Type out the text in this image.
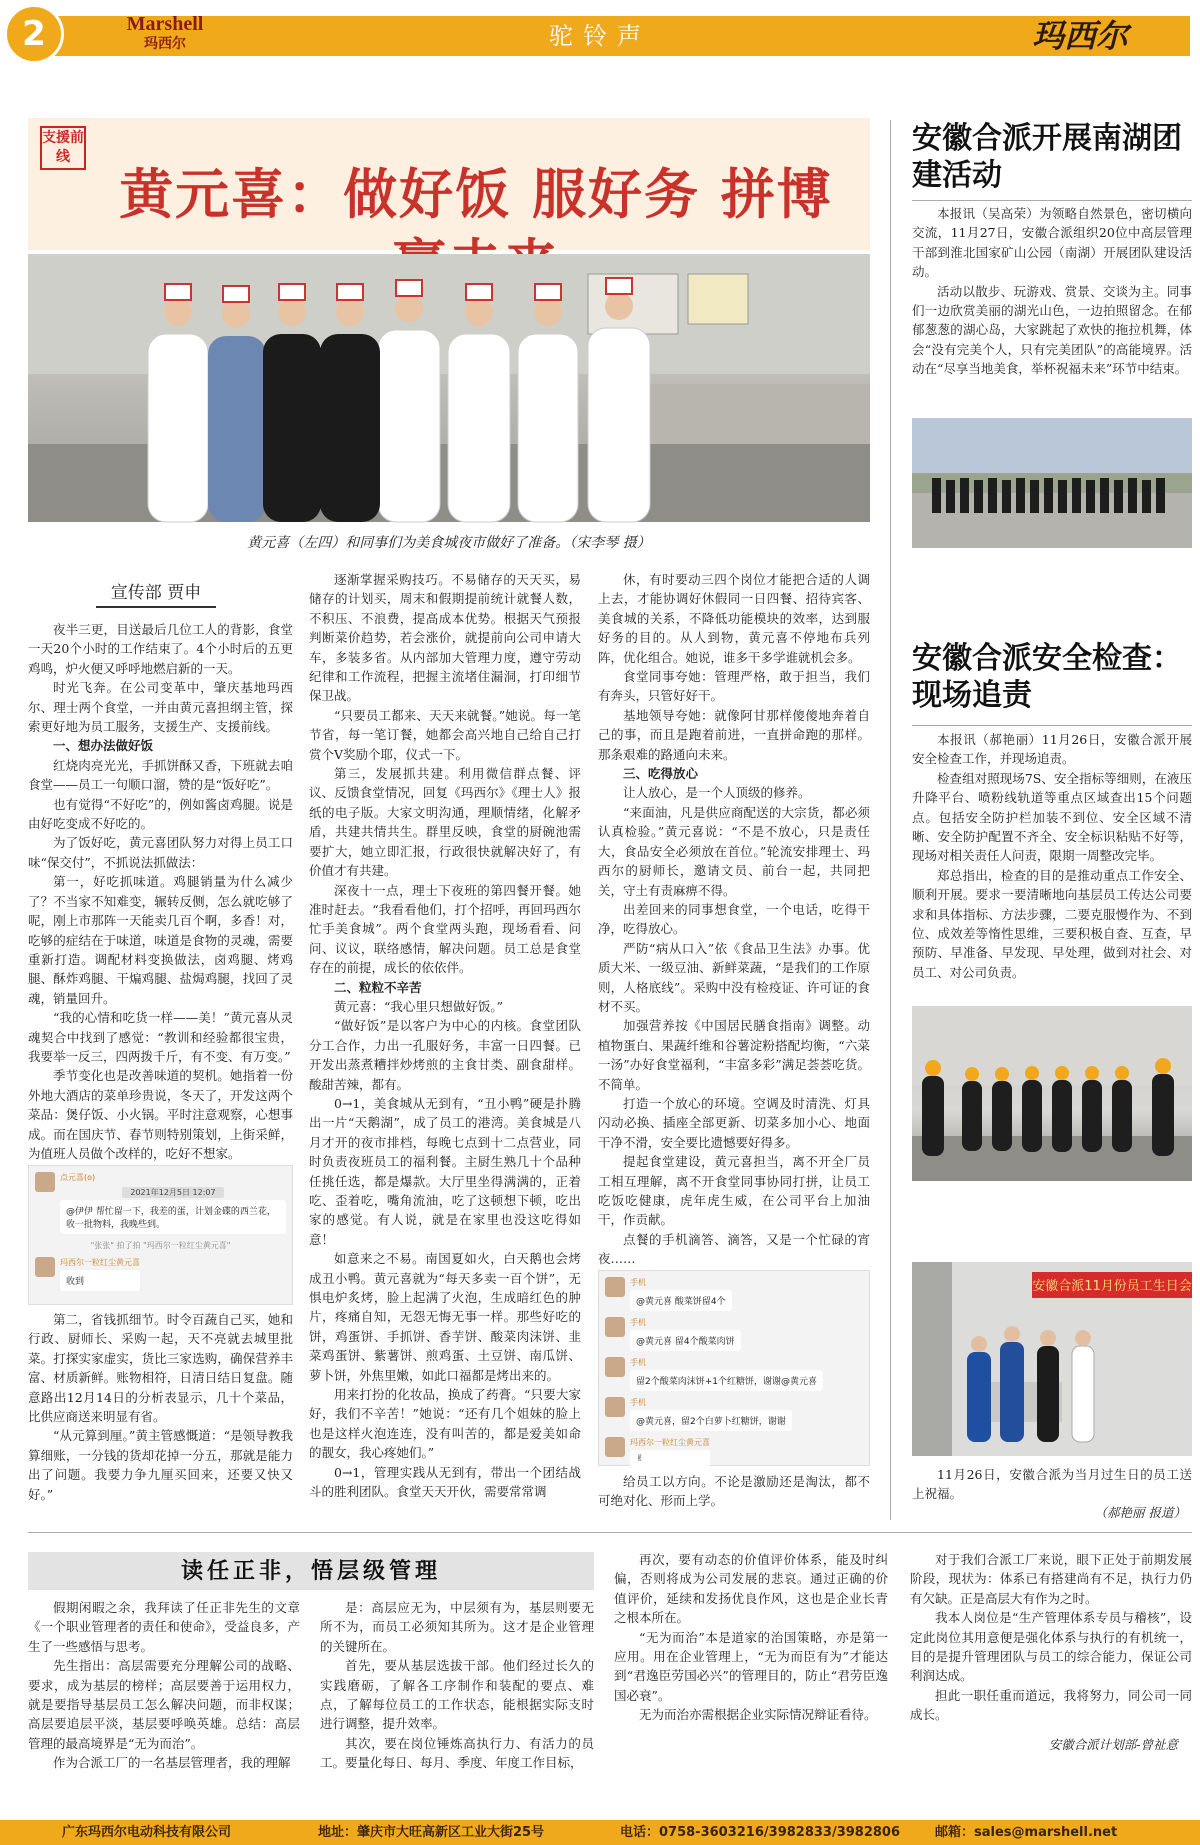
2	Marshell
玛西尔	驼铃声	玛西尔
支援前线
黄元喜：做好饭 服好务 拼博
黄元喜（左四）和同事们为美食城夜市做好了准备。（宋李琴 摄）
宣传部 贾申

夜半三更，目送最后几位工人的背影，食堂一天20个小时的工作结束了。4个小时后的五更鸡鸣，炉火便又呼呼地燃启新的一天。

时光飞奔。在公司变革中，肇庆基地玛西尔、理士两个食堂，一并由黄元喜担纲主管，探索更好地为员工服务，支援生产、支援前线。

一、想办法做好饭

红烧肉亮光光，手抓饼酥又香，下班就去咱食堂——员工一句顺口溜，赞的是“饭好吃”。

也有觉得“不好吃”的，例如酱卤鸡腿。说是由好吃变成不好吃的。

为了饭好吃，黄元喜团队努力对得上员工口味“保交付”，不抓说法抓做法：

第一，好吃抓味道。鸡腿销量为什么减少了？不当家不知难变，辗转反侧，怎么就吃够了呢，刚上市那阵一天能卖几百个啊，多香！对，吃够的症结在于味道，味道是食物的灵魂，需要重新打造。调配材料变换做法，卤鸡腿、烤鸡腿、酥炸鸡腿、干煸鸡腿、盐焗鸡腿，找回了灵魂，销量回升。

“我的心情和吃货一样——美！”黄元喜从灵魂契合中找到了感觉：“教训和经验都很宝贵，我要举一反三，四两拨千斤，有不变、有万变。”

季节变化也是改善味道的契机。她指着一份外地大酒店的菜单珍贵说，冬天了，开发这两个菜品：煲仔饭、小火锅。平时注意观察，心想事成。而在国庆节、春节则特别策划，上街采鲜，为值班人员做个改样的，吃好不想家。

点元喜(o)
2021年12月5日 12:07
@伊伊 帮忙留一下，我差的蛋，计划金碟的西兰花，收一批物料，我晚些到。
"张张" 拍了拍 "玛西尔一粒红尘黄元喜"
玛西尔一粒红尘黄元喜
收到

第二，省钱抓细节。时令百蔬自己买，她和行政、厨师长、采购一起，天不亮就去城里批菜。打探实家虚实，货比三家选购，确保营养丰富、材质新鲜。账物相符，日清日结日复盘。随意路出12月14日的分析表显示，几十个菜品，比供应商送来明显有省。

“从元算到厘。”黄主管感慨道：“是领导教我算细账，一分钱的货却花掉一分五，那就是能力出了问题。我要力争九厘买回来，还要又快又好。”

逐渐掌握采购技巧。不易储存的天天买，易储存的计划买，周末和假期提前统计就餐人数，不积压、不浪费，提高成本优势。根据天气预报判断菜价趋势，若会涨价，就提前向公司申请大车，多装多省。从内部加大管理力度，遵守劳动纪律和工作流程，把握主流堵住漏洞，打印细节保卫战。

“只要员工都来、天天来就餐。”她说。每一笔节省，每一笔订餐，她都会高兴地自己给自己打赏个V奖励个耶，仪式一下。

第三，发展抓共建。利用微信群点餐、评议、反馈食堂情况，回复《玛西尔》《理士人》报纸的电子版。大家文明沟通，理顺情绪，化解矛盾，共建共情共生。群里反映，食堂的厨碗池需要扩大，她立即汇报，行政很快就解决好了，有价值才有共建。

深夜十一点，理士下夜班的第四餐开餐。她准时赶去。“我看看他们，打个招呼，再回玛西尔忙手美食城”。两个食堂两头跑，现场看看、问问、议议，联络感情，解决问题。员工总是食堂存在的前提，成长的依依伴。

二、粒粒不辛苦

黄元喜：“我心里只想做好饭。”

“做好饭”是以客户为中心的内核。食堂团队分工合作，力出一孔服好务，丰富一日四餐。已开发出蒸煮糟拌炒烤煎的主食甘类、副食甜样。酸甜苦辣，都有。

0→1，美食城从无到有，“丑小鸭”硬是扑腾出一片“天鹅湖”，成了员工的港湾。美食城是八月才开的夜市排档，每晚七点到十二点营业，同时负责夜班员工的福利餐。主厨生熟几十个品种任挑任选，都是爆款。大厅里坐得满满的，正着吃、歪着吃，嘴角流油，吃了这顿想下顿，吃出家的感觉。有人说，就是在家里也没这吃得如意！

如意来之不易。南国夏如火，白天鹅也会烤成丑小鸭。黄元喜就为“每天多卖一百个饼”，无惧电炉炙烤，脸上起满了火泡，生成暗红色的肿片，疼痛自知，无怨无悔无事一样。那些好吃的饼，鸡蛋饼、手抓饼、香芋饼、酸菜肉沫饼、韭菜鸡蛋饼、紫薯饼、煎鸡蛋、土豆饼、南瓜饼、萝卜饼，外焦里嫩，如此口福都是烤出来的。

用来打扮的化妆品，换成了药膏。“只要大家好，我们不辛苦！”她说：“还有几个姐妹的脸上也是这样火泡连连，没有叫苦的，都是爱美如命的靓女，我心疼她们。”

0→1，管理实践从无到有，带出一个团结战斗的胜利团队。食堂天天开伙，需要常常调

休，有时要动三四个岗位才能把合适的人调上去，才能协调好休假同一日四餐、招待宾客、美食城的关系，不降低功能模块的效率，达到服好务的目的。从人到物，黄元喜不停地布兵列阵，优化组合。她说，谁多干多学谁就机会多。

食堂同事夸她：管理严格，敢于担当，我们有奔头，只管好好干。

基地领导夸她：就像阿甘那样傻傻地奔着自己的事，而且是跑着前进，一直拼命跑的那样。那条艰难的路通向未来。

三、吃得放心

让人放心，是一个人顶级的修养。

“来面油，凡是供应商配送的大宗货，都必须认真检验。”黄元喜说：“不是不放心，只是责任大，食品安全必须放在首位。”轮流安排理士、玛西尔的厨师长，邀请文员、前台一起，共同把关，守土有责麻痹不得。

出差回来的同事想食堂，一个电话，吃得干净，吃得放心。

严防“病从口入”依《食品卫生法》办事。优质大米、一级豆油、新鲜菜蔬，“是我们的工作原则，人格底线”。采购中没有检疫证、许可证的食材不买。

加强营养按《中国居民膳食指南》调整。动植物蛋白、果蔬纤维和谷薯淀粉搭配均衡，“六菜一汤”办好食堂福利，“丰富多彩”满足荟荟吃货。不简单。

打造一个放心的环境。空调及时清洗、灯具闪动必换、插座全部更新、切菜多加小心、地面干净不滑，安全要比遗憾要好得多。

提起食堂建设，黄元喜担当，离不开全厂员工相互理解，离不开食堂同事协同打拼，让员工吃饭吃健康，虎年虎生威，在公司平台上加油干，作贡献。

点餐的手机滴答、滴答，又是一个忙碌的宵夜……

手机
@黄元喜 酸菜饼留4个
手机
@黄元喜 留4个酸菜肉饼
手机
留2个酸菜肉沫饼+1个红糖饼，谢谢@黄元喜
手机
@黄元喜，留2个白萝卜红糖饼，谢谢
玛西尔一粒红尘黄元喜
✌

给员工以方向。不论是激励还是淘汰，都不可绝对化、形而上学。

安徽合派开展南湖团建活动

本报讯（吴高荣）为领略自然景色，密切横向交流，11月27日，安徽合派组织20位中高层管理干部到淮北国家矿山公园（南湖）开展团队建设活动。

活动以散步、玩游戏、赏景、交谈为主。同事们一边欣赏美丽的湖光山色，一边拍照留念。在郁郁葱葱的湖心岛，大家跳起了欢快的拖拉机舞，体会“没有完美个人，只有完美团队”的高能境界。活动在“尽享当地美食，举杯祝福未来”环节中结束。

安徽合派安全检查：现场追责

本报讯（郝艳丽）11月26日，安徽合派开展安全检查工作，并现场追责。

检查组对照现场7S、安全指标等细则，在液压升降平台、喷粉线轨道等重点区域查出15个问题点。包括安全防护栏加装不到位、安全区域不清晰、安全防护配置不齐全、安全标识粘贴不好等，现场对相关责任人问责，限期一周整改完毕。

郑总指出，检查的目的是推动重点工作安全、顺利开展。要求一要清晰地向基层员工传达公司要求和具体指标、方法步骤，二要克服慢作为、不到位、成效差等惰性思维，三要积极自查、互查，早预防、早准备、早发现、早处理，做到对社会、对员工、对公司负责。

安徽合派11月份员工生日会
11月26日，安徽合派为当月过生日的员工送上祝福。
（郝艳丽 报道）
读任正非，悟层级管理

假期闲暇之余，我拜读了任正非先生的文章《一个职业管理者的责任和使命》，受益良多，产生了一些感悟与思考。

先生指出：高层需要充分理解公司的战略、要求，成为基层的榜样；高层要善于运用权力，就是要指导基层员工怎么解决问题，而非权谋；高层要追层平淡，基层要呼唤英雄。总结：高层管理的最高境界是“无为而治”。

作为合派工厂的一名基层管理者，我的理解

是：高层应无为，中层须有为，基层则要无所不为，而员工必须知其所为。这才是企业管理的关键所在。

首先，要从基层选拔干部。他们经过长久的实践磨砺，了解各工序制作和装配的要点、难点，了解每位员工的工作状态，能根据实际支时进行调整，提升效率。

其次，要在岗位锤炼高执行力、有活力的员工。要量化每日、每月、季度、年度工作目标，

再次，要有动态的价值评价体系，能及时纠偏，否则将成为公司发展的悲哀。通过正确的价值评价，延续和发扬优良作风，这也是企业长青之根本所在。

“无为而治”本是道家的治国策略，亦是第一应用。用在企业管理上，“无为而臣有为”才能达到“君逸臣劳国必兴”的管理目的，防止“君劳臣逸国必衰”。

无为而治亦需根据企业实际情况辩证看待。

对于我们合派工厂来说，眼下正处于前期发展阶段，现状为：体系已有搭建尚有不足，执行力仍有欠缺。正是高层大有作为之时。

我本人岗位是“生产管理体系专员与稽核”，设定此岗位其用意便是强化体系与执行的有机统一，目的是提升管理团队与员工的综合能力，保证公司利润达成。

担此一职任重而道远，我将努力，同公司一同成长。

安徽合派计划部-曾祉意
广东玛西尔电动科技有限公司	地址：肇庆市大旺高新区工业大街25号	电话：0758-3603216/3982833/3982806	邮箱：sales@marshell.net
